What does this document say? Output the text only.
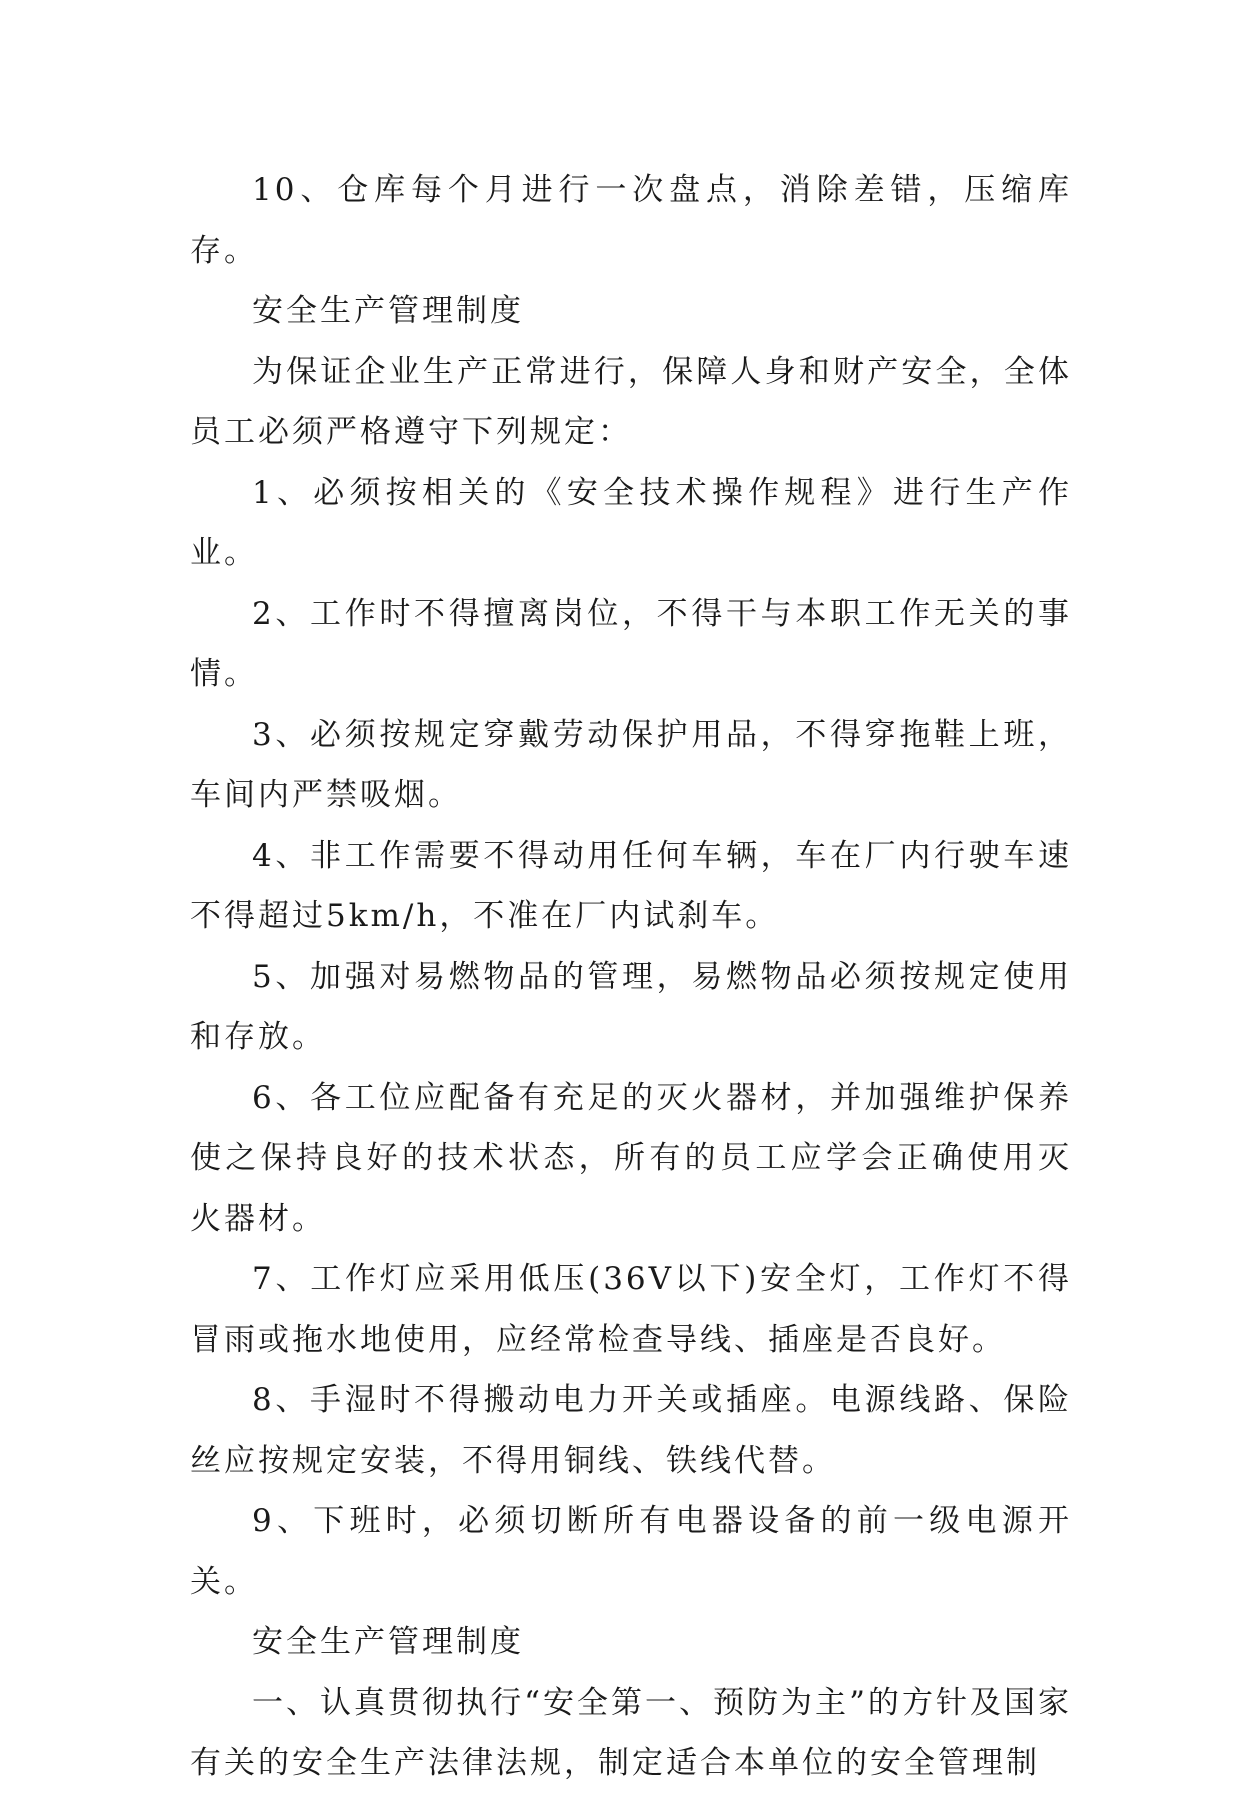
10、仓库每个月进行一次盘点，消除差错，压缩库存。

安全生产管理制度

为保证企业生产正常进行，保障人身和财产安全，全体员工必须严格遵守下列规定：

1、必须按相关的《安全技术操作规程》进行生产作业。

2、工作时不得擅离岗位，不得干与本职工作无关的事情。

3、必须按规定穿戴劳动保护用品，不得穿拖鞋上班，车间内严禁吸烟。

4、非工作需要不得动用任何车辆，车在厂内行驶车速不得超过5km/h，不准在厂内试刹车。

5、加强对易燃物品的管理，易燃物品必须按规定使用和存放。

6、各工位应配备有充足的灭火器材，并加强维护保养使之保持良好的技术状态，所有的员工应学会正确使用灭火器材。

7、工作灯应采用低压(36V以下)安全灯，工作灯不得冒雨或拖水地使用，应经常检查导线、插座是否良好。

8、手湿时不得搬动电力开关或插座。电源线路、保险丝应按规定安装，不得用铜线、铁线代替。

9、下班时，必须切断所有电器设备的前一级电源开关。

安全生产管理制度

一、认真贯彻执行“安全第一、预防为主”的方针及国家有关的安全生产法律法规，制定适合本单位的安全管理制
